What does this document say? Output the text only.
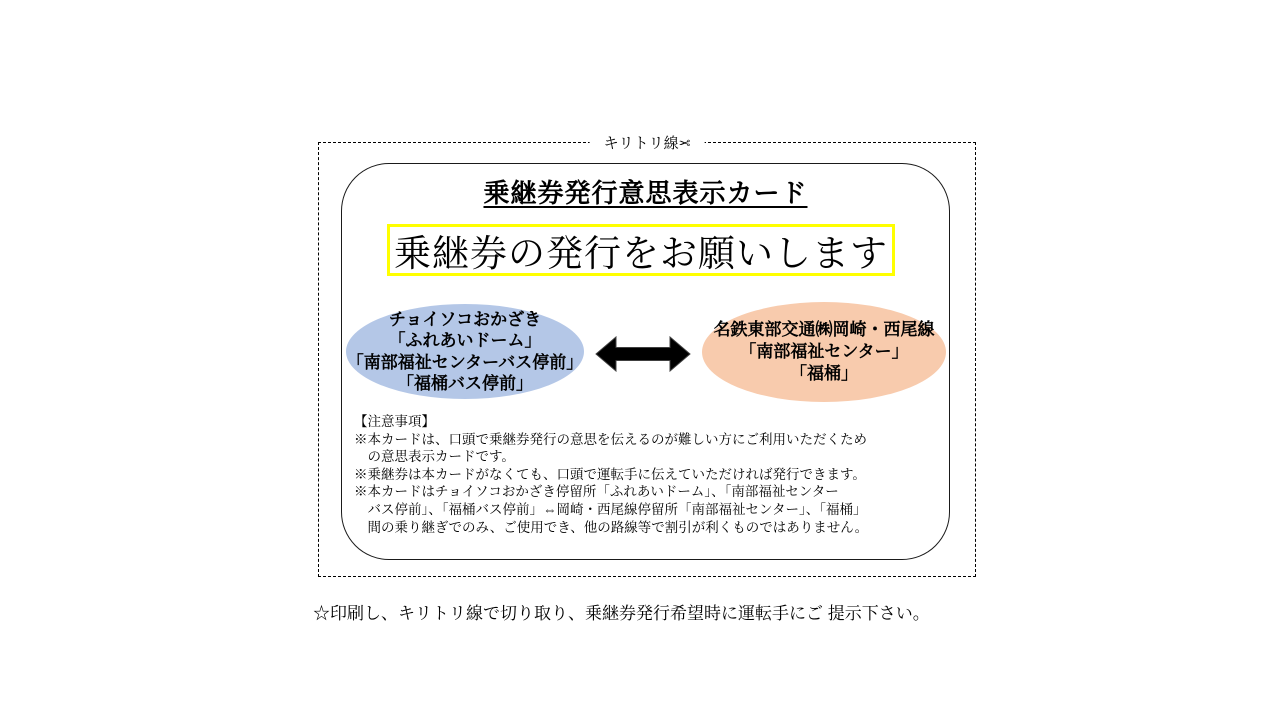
キリトリ線✂
乗継券発行意思表示カード
乗継券の発行をお願いします
チョイソコおかざき
「ふれあいドーム」
「南部福祉センターバス停前」
「福桶バス停前」
名鉄東部交通㈱岡崎・西尾線
「南部福祉センター」
「福桶」
【注意事項】
※本カードは、口頭で乗継券発行の意思を伝えるのが難しい方にご利用いただくため
　の意思表示カードです。
※乗継券は本カードがなくても、口頭で運転手に伝えていただければ発行できます。
※本カードはチョイソコおかざき停留所「ふれあいドーム」、「南部福祉センター
　バス停前」、「福桶バス停前」⇔岡崎・西尾線停留所「南部福祉センター」、「福桶」
　間の乗り継ぎでのみ、ご使用でき、他の路線等で割引が利くものではありません。
☆印刷し、キリトリ線で切り取り、乗継券発行希望時に運転手にご 提示下さい。
